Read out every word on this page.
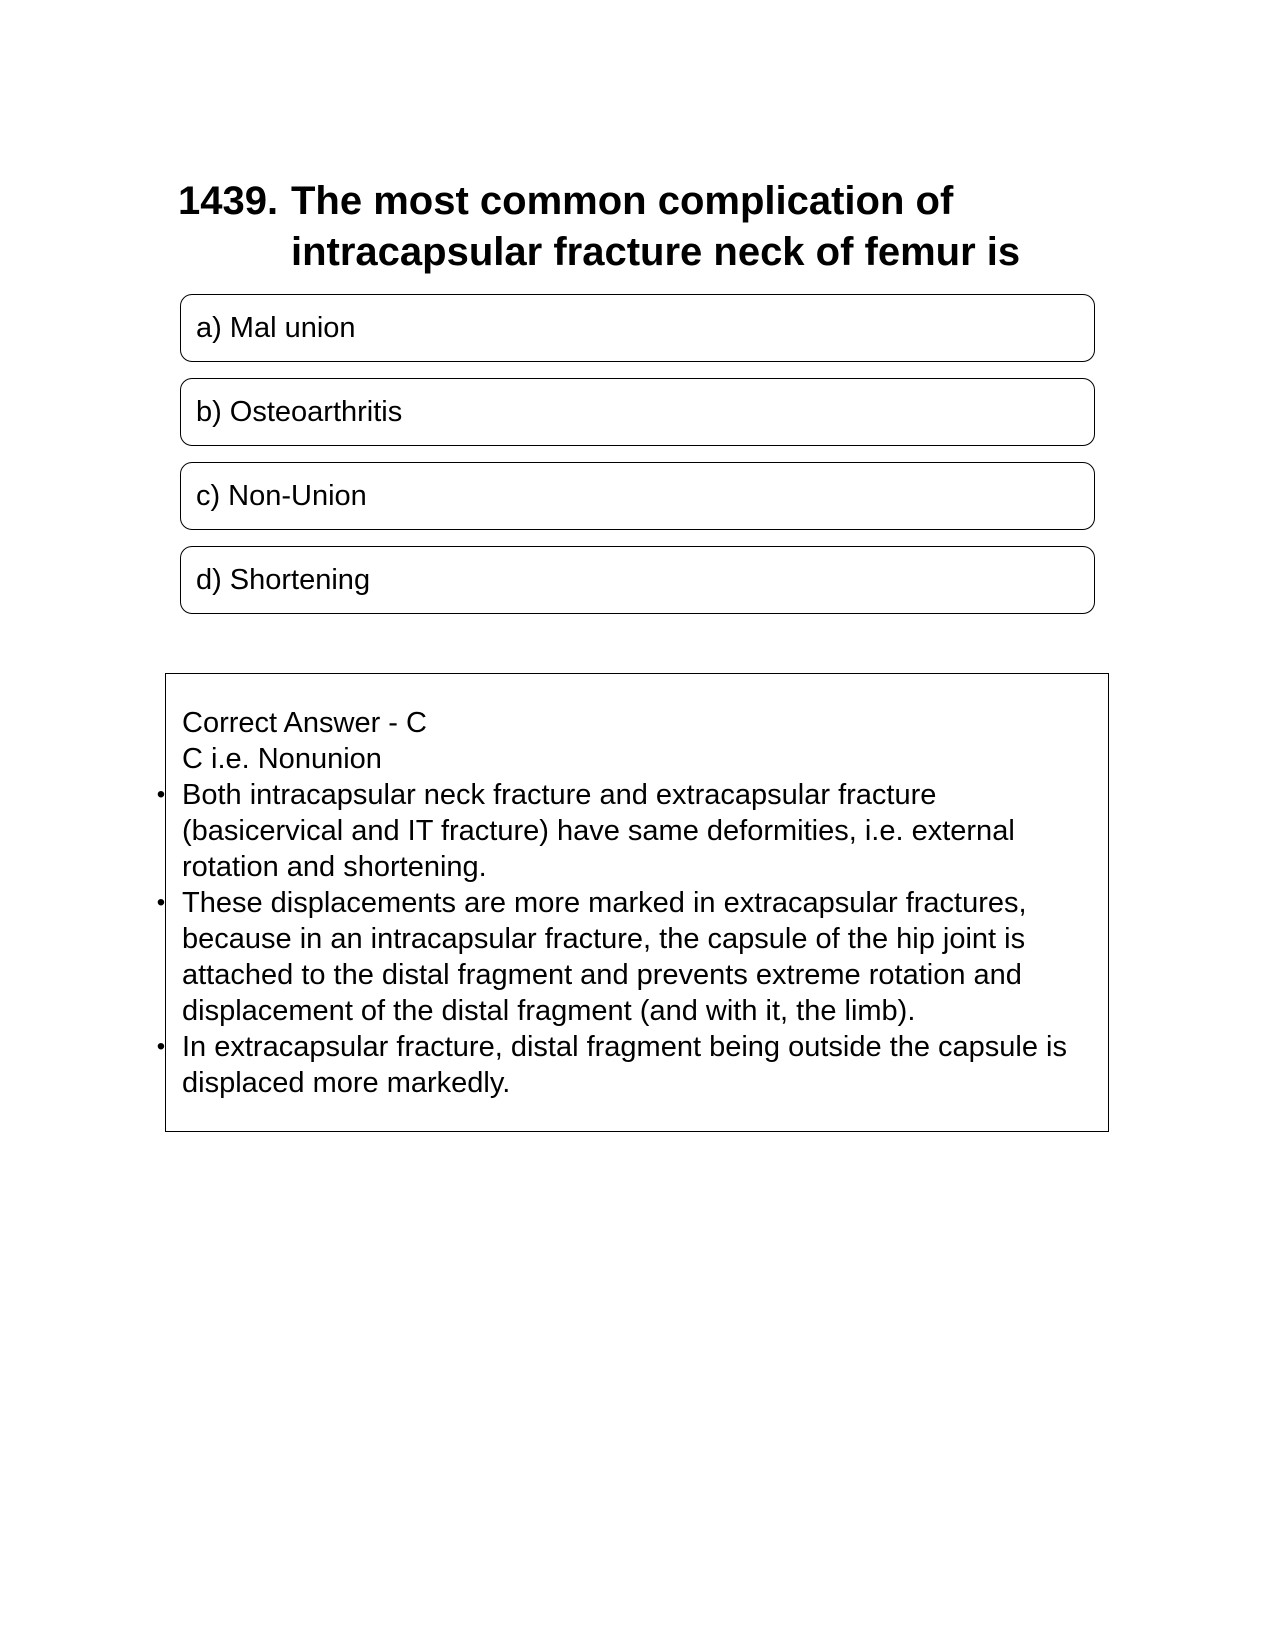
1439. The most common complication of intracapsular fracture neck of femur is
a) Mal union
b) Osteoarthritis
c) Non-Union
d) Shortening
Correct Answer - C
C i.e. Nonunion
• Both intracapsular neck fracture and extracapsular fracture (basicervical and IT fracture) have same deformities, i.e. external rotation and shortening.
• These displacements are more marked in extracapsular fractures, because in an intracapsular fracture, the capsule of the hip joint is attached to the distal fragment and prevents extreme rotation and displacement of the distal fragment (and with it, the limb).
• In extracapsular fracture, distal fragment being outside the capsule is displaced more markedly.
